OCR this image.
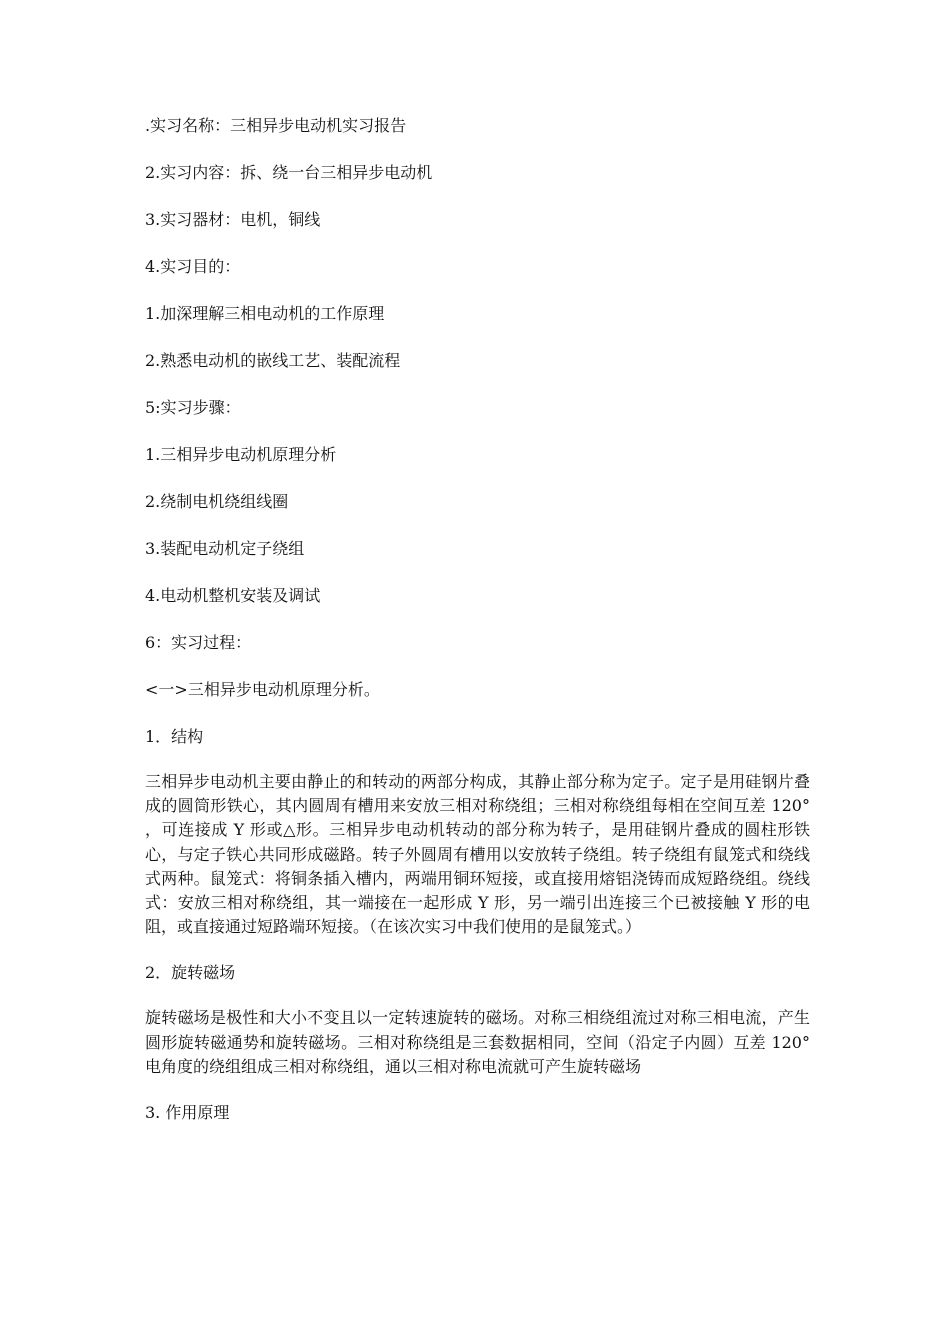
.实习名称：三相异步电动机实习报告
2.实习内容：拆、绕一台三相异步电动机
3.实习器材：电机，铜线
4.实习目的：
1.加深理解三相电动机的工作原理
2.熟悉电动机的嵌线工艺、装配流程
5:实习步骤：
1.三相异步电动机原理分析
2.绕制电机绕组线圈
3.装配电动机定子绕组
4.电动机整机安装及调试
6：实习过程：
<一>三相异步电动机原理分析。
1．结构

三相异步电动机主要由静止的和转动的两部分构成，其静止部分称为定子。定子是用硅钢片叠成的圆筒形铁心，其内圆周有槽用来安放三相对称绕组；三相对称绕组每相在空间互差 120° ，可连接成 Y 形或△形。三相异步电动机转动的部分称为转子，是用硅钢片叠成的圆柱形铁心，与定子铁心共同形成磁路。转子外圆周有槽用以安放转子绕组。转子绕组有鼠笼式和绕线式两种。鼠笼式：将铜条插入槽内，两端用铜环短接，或直接用熔铝浇铸而成短路绕组。绕线式：安放三相对称绕组，其一端接在一起形成 Y 形，另一端引出连接三个已被接触 Y 形的电阻，或直接通过短路端环短接。（在该次实习中我们使用的是鼠笼式。）

2．旋转磁场

旋转磁场是极性和大小不变且以一定转速旋转的磁场。对称三相绕组流过对称三相电流，产生圆形旋转磁通势和旋转磁场。三相对称绕组是三套数据相同，空间（沿定子内圆）互差 120° 电角度的绕组组成三相对称绕组，通以三相对称电流就可产生旋转磁场

3. 作用原理
